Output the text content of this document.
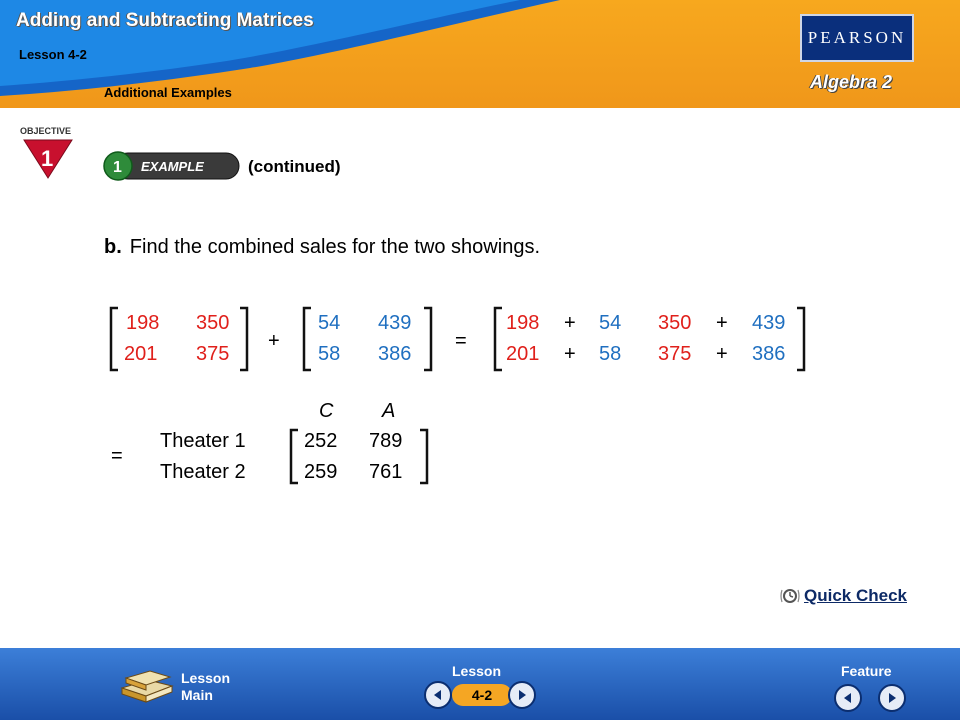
Adding and Subtracting Matrices
Lesson 4-2
Additional Examples
PEARSON
Algebra 2
OBJECTIVE
1	1 EXAMPLE	(continued)
b. Find the combined sales for the two showings.
198 350
201 375
+
54 439
58 386
=
198 + 54 350 + 439
201 + 58 375 + 386
C A
=
Theater 1
Theater 2
252 789
259 761
Quick Check
Lesson
Main
Lesson
4-2
Feature
